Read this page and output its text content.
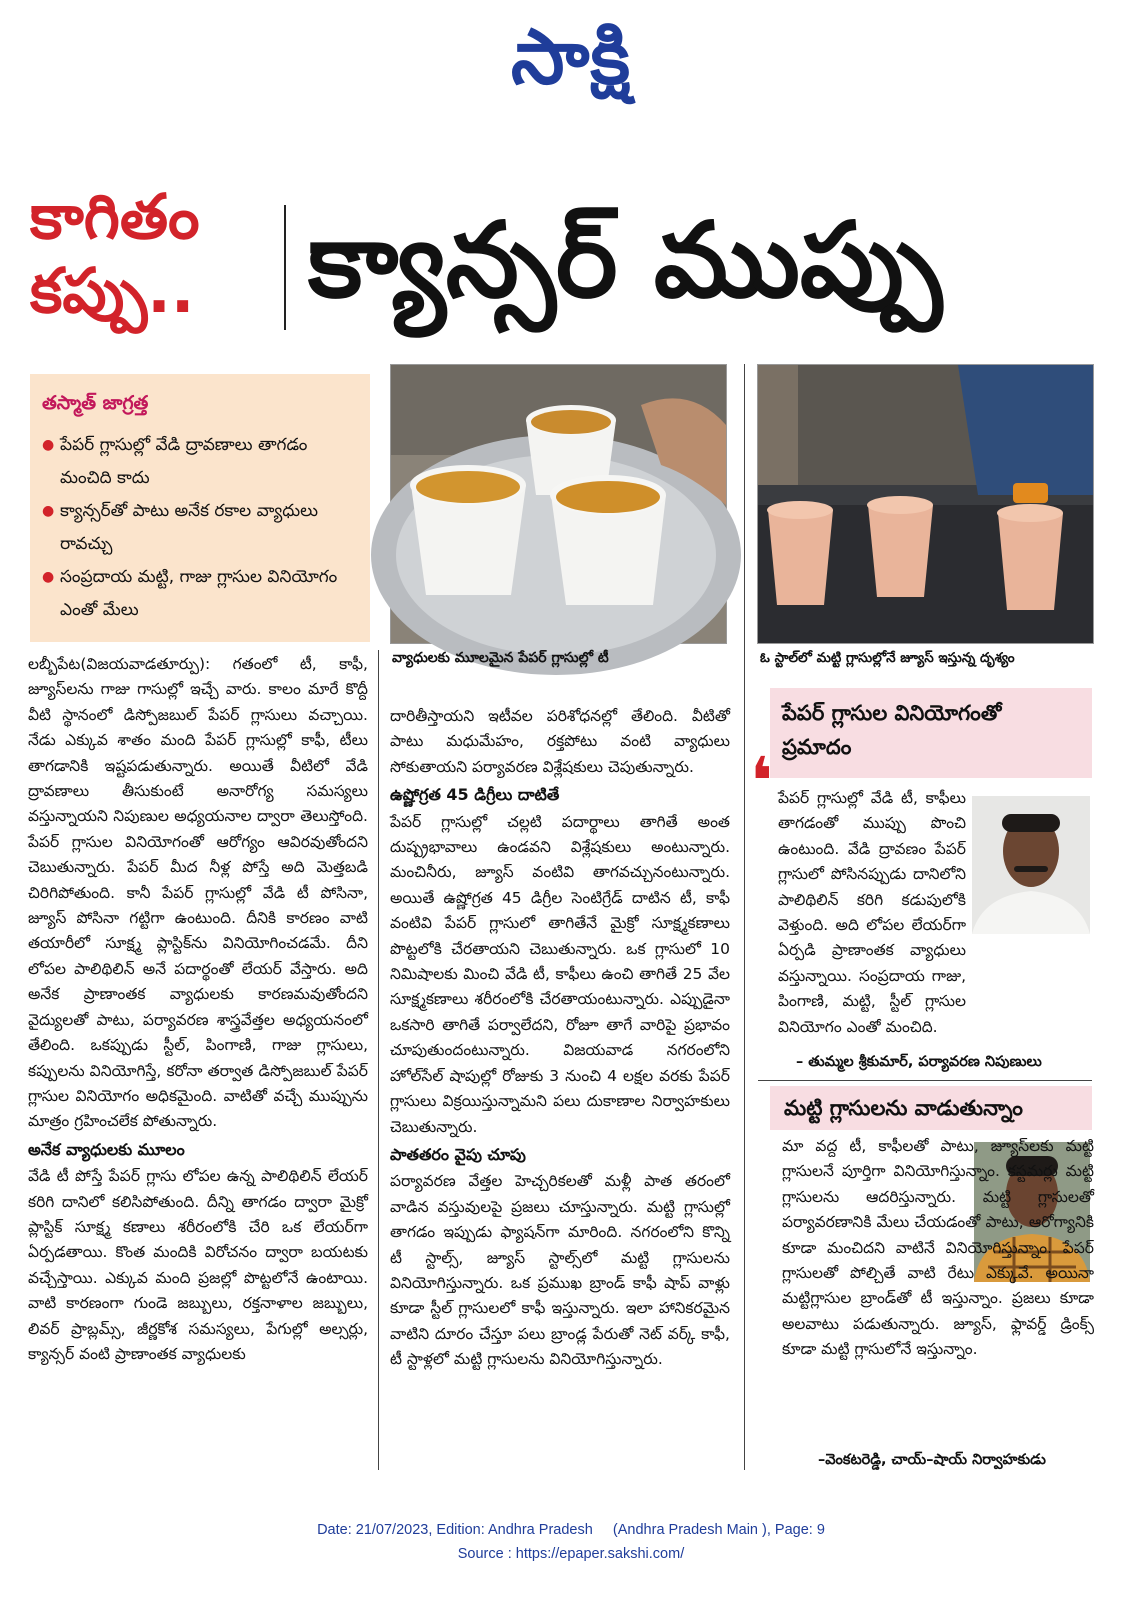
సాక్షి
కాగితం
కప్పు..	క్యాన్సర్ ముప్పు
తస్మాత్ జాగ్రత్త
● పేపర్ గ్లాసుల్లో వేడి ద్రావణాలు తాగడం మంచిది కాదు
● క్యాన్సర్‌తో పాటు అనేక రకాల వ్యాధులు రావచ్చు
● సంప్రదాయ మట్టి, గాజు గ్లాసుల వినియోగం ఎంతో మేలు
వ్యాధులకు మూలమైన పేపర్ గ్లాసుల్లో టీ	ఓ స్టాల్‌లో మట్టి గ్లాసుల్లోనే జ్యూస్ ఇస్తున్న దృశ్యం

లబ్బీపేట(విజయవాడతూర్పు): గతంలో టీ, కాఫీ, జ్యూస్‌లను గాజు గాసుల్లో ఇచ్చే వారు. కాలం మారే కొద్దీ వీటి స్థానంలో డిస్పోజబుల్ పేపర్ గ్లాసులు వచ్చాయి. నేడు ఎక్కువ శాతం మంది పేపర్ గ్లాసుల్లో కాఫీ, టీలు తాగడానికి ఇష్టపడుతున్నారు. అయితే వీటిలో వేడి ద్రావణాలు తీసుకుంటే అనారోగ్య సమస్యలు వస్తున్నాయని నిపుణుల అధ్యయనాల ద్వారా తెలుస్తోంది. పేపర్ గ్లాసుల వినియోగంతో ఆరోగ్యం ఆవిరవుతోందని చెబుతున్నారు. పేపర్ మీద నీళ్ల పోస్తే అది మెత్తబడి చిరిగిపోతుంది. కానీ పేపర్ గ్లాసుల్లో వేడి టీ పోసినా, జ్యూస్ పోసినా గట్టిగా ఉంటుంది. దీనికి కారణం వాటి తయారీలో సూక్ష్మ ప్లాస్టిక్‌ను వినియోగించడమే. దీని లోపల పాలిథిలిన్ అనే పదార్థంతో లేయర్ వేస్తారు. అది అనేక ప్రాణాంతక వ్యాధులకు కారణమవుతోందని వైద్యులతో పాటు, పర్యావరణ శాస్త్రవేత్తల అధ్యయనంలో తేలింది. ఒకప్పుడు స్టీల్, పింగాణి, గాజు గ్లాసులు, కప్పులను వినియోగిస్తే, కరోనా తర్వాత డిస్పోజబుల్ పేపర్ గ్లాసుల వినియోగం అధికమైంది. వాటితో వచ్చే ముప్పును మాత్రం గ్రహించలేక పోతున్నారు.

అనేక వ్యాధులకు మూలం

వేడి టీ పోస్తే పేపర్ గ్లాసు లోపల ఉన్న పాలిథిలిన్ లేయర్ కరిగి దానిలో కలిసిపోతుంది. దీన్ని తాగడం ద్వారా మైక్రో ప్లాస్టిక్ సూక్ష్మ కణాలు శరీరంలోకి చేరి ఒక లేయర్‌గా ఏర్పడతాయి. కొంత మందికి విరోచనం ద్వారా బయటకు వచ్చేస్తాయి. ఎక్కువ మంది ప్రజల్లో పొట్టలోనే ఉంటాయి. వాటి కారణంగా గుండె జబ్బులు, రక్తనాళాల జబ్బులు, లివర్ ప్రాబ్లమ్స్, జీర్ణకోశ సమస్యలు, పేగుల్లో అల్సర్లు, క్యాన్సర్ వంటి ప్రాణాంతక వ్యాధులకు

దారితీస్తాయని ఇటీవల పరిశోధనల్లో తేలింది. వీటితో పాటు మధుమేహం, రక్తపోటు వంటి వ్యాధులు సోకుతాయని పర్యావరణ విశ్లేషకులు చెపుతున్నారు.

ఉష్ణోగ్రత 45 డిగ్రీలు దాటితే

పేపర్ గ్లాసుల్లో చల్లటి పదార్థాలు తాగితే అంత దుష్ప్రభావాలు ఉండవని విశ్లేషకులు అంటున్నారు. మంచినీరు, జ్యూస్ వంటివి తాగవచ్చునంటున్నారు. అయితే ఉష్ణోగ్రత 45 డిగ్రీల సెంటిగ్రేడ్ దాటిన టీ, కాఫీ వంటివి పేపర్ గ్లాసులో తాగితేనే మైక్రో సూక్ష్మకణాలు పొట్టలోకి చేరతాయని చెబుతున్నారు. ఒక గ్లాసులో 10 నిమిషాలకు మించి వేడి టీ, కాఫీలు ఉంచి తాగితే 25 వేల సూక్ష్మకణాలు శరీరంలోకి చేరతాయంటున్నారు. ఎప్పుడైనా ఒకసారి తాగితే పర్వాలేదని, రోజూ తాగే వారిపై ప్రభావం చూపుతుందంటున్నారు. విజయవాడ నగరంలోని హోల్‌సేల్ షాపుల్లో రోజుకు 3 నుంచి 4 లక్షల వరకు పేపర్ గ్లాసులు విక్రయిస్తున్నామని పలు దుకాణాల నిర్వాహకులు చెబుతున్నారు.

పాతతరం వైపు చూపు

పర్యావరణ వేత్తల హెచ్చరికలతో మళ్లీ పాత తరంలో వాడిన వస్తువులపై ప్రజలు చూస్తున్నారు. మట్టి గ్లాసుల్లో తాగడం ఇప్పుడు ఫ్యాషన్‌గా మారింది. నగరంలోని కొన్ని టీ స్టాల్స్, జ్యూస్ స్టాల్స్‌లో మట్టి గ్లాసులను వినియోగిస్తున్నారు. ఒక ప్రముఖ బ్రాండ్ కాఫీ షాప్ వాళ్లు కూడా స్టీల్ గ్లాసులలో కాఫీ ఇస్తున్నారు. ఇలా హానికరమైన వాటిని దూరం చేస్తూ పలు బ్రాండ్ల పేరుతో నెట్ వర్క్ కాఫీ, టీ స్టాళ్లలో మట్టి గ్లాసులను వినియోగిస్తున్నారు.

పేపర్ గ్లాసుల వినియోగంతో
ప్రమాదం
❛ పేపర్ గ్లాసుల్లో వేడి టీ, కాఫీలు తాగడంతో ముప్పు పొంచి ఉంటుంది. వేడి ద్రావణం పేపర్ గ్లాసులో పోసినప్పుడు దానిలోని పాలిథిలిన్ కరిగి కడుపులోకి వెళ్తుంది. అది లోపల లేయర్‌గా ఏర్పడి ప్రాణాంతక వ్యాధులు వస్తున్నాయి. సంప్రదాయ గాజు, పింగాణి, మట్టి, స్టీల్ గ్లాసుల వినియోగం ఎంతో మంచిది.

– తుమ్మల శ్రీకుమార్, పర్యావరణ నిపుణులు
మట్టి గ్లాసులను వాడుతున్నాం

మా వద్ద టీ, కాఫీలతో పాటు, జ్యూస్‌లకు మట్టి గ్లాసులనే పూర్తిగా వినియోగిస్తున్నాం. కస్టమర్లు మట్టి గ్లాసులను ఆదరిస్తున్నారు. మట్టి గ్లాసులతో పర్యావరణానికి మేలు చేయడంతో పాటు, ఆరోగ్యానికి కూడా మంచిదని వాటినే వినియోగిస్తున్నాం. పేపర్ గ్లాసులతో పోల్చితే వాటి రేటు ఎక్కువే. అయినా మట్టిగ్లాసుల బ్రాండ్‌తో టీ ఇస్తున్నాం. ప్రజలు కూడా అలవాటు పడుతున్నారు. జ్యూస్, ఫ్లావర్డ్ డ్రింక్స్ కూడా మట్టి గ్లాసులోనే ఇస్తున్నాం.

–వెంకటరెడ్డి, చాయ్–షాయ్ నిర్వాహకుడు
Date: 21/07/2023, Edition: Andhra Pradesh     (Andhra Pradesh Main ), Page: 9
Source : https://epaper.sakshi.com/
